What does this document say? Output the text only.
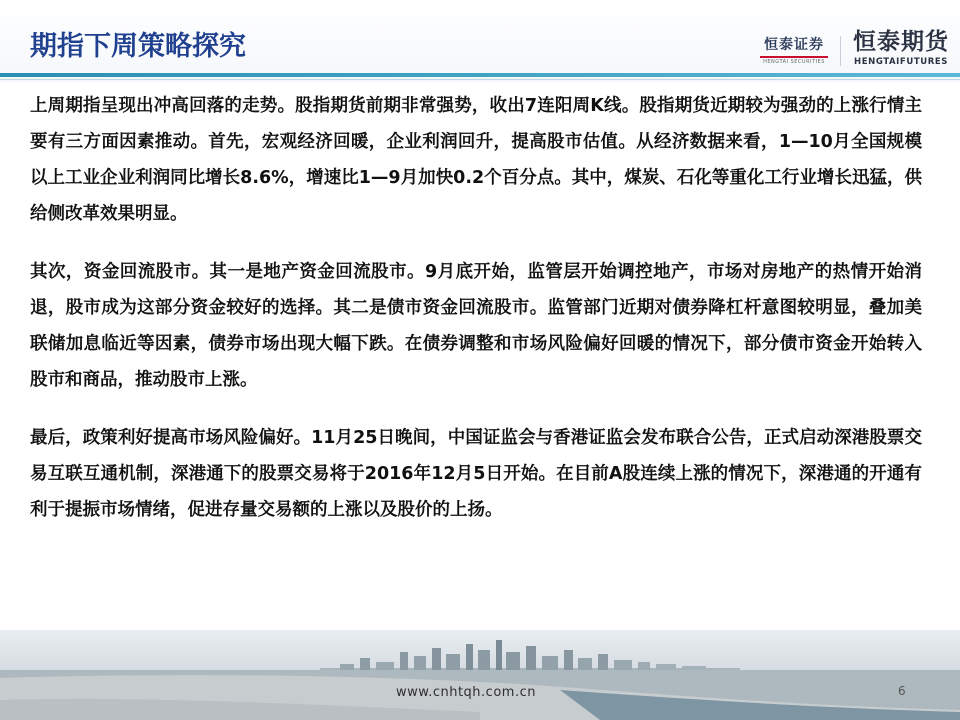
期指下周策略探究	恒泰证券
HENGTAI SECURITIES
恒泰期货
HENGTAIFUTURES

上周期指呈现出冲高回落的走势。股指期货前期非常强势，收出7连阳周K线。股指期货近期较为强劲的上涨行情主要有三方面因素推动。首先，宏观经济回暖，企业利润回升，提高股市估值。从经济数据来看，1—10月全国规模以上工业企业利润同比增长8.6%，增速比1—9月加快0.2个百分点。其中，煤炭、石化等重化工行业增长迅猛，供给侧改革效果明显。

其次，资金回流股市。其一是地产资金回流股市。9月底开始，监管层开始调控地产，市场对房地产的热情开始消退，股市成为这部分资金较好的选择。其二是债市资金回流股市。监管部门近期对债券降杠杆意图较明显，叠加美联储加息临近等因素，债券市场出现大幅下跌。在债券调整和市场风险偏好回暖的情况下，部分债市资金开始转入股市和商品，推动股市上涨。

最后，政策利好提高市场风险偏好。11月25日晚间，中国证监会与香港证监会发布联合公告，正式启动深港股票交易互联互通机制，深港通下的股票交易将于2016年12月5日开始。在目前A股连续上涨的情况下，深港通的开通有利于提振市场情绪，促进存量交易额的上涨以及股价的上扬。

www.cnhtqh.com.cn	6
